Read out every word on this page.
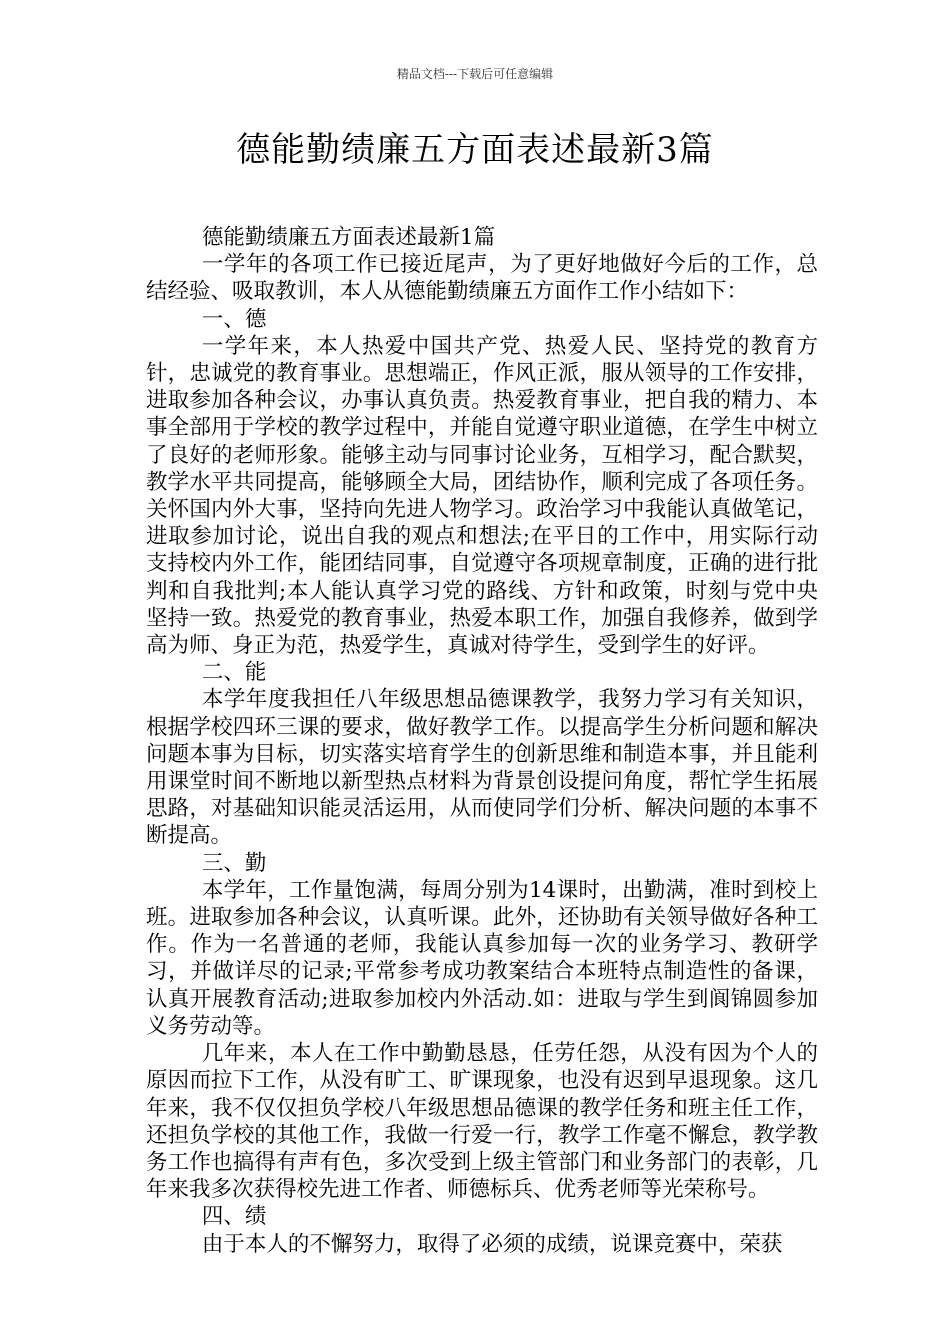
精品文档---下载后可任意编辑
德能勤绩廉五方面表述最新3篇

德能勤绩廉五方面表述最新1篇

一学年的各项工作已接近尾声，为了更好地做好今后的工作，总结经验、吸取教训，本人从德能勤绩廉五方面作工作小结如下：

一、德

一学年来，本人热爱中国共产党、热爱人民、坚持党的教育方针，忠诚党的教育事业。思想端正，作风正派，服从领导的工作安排，进取参加各种会议，办事认真负责。热爱教育事业，把自我的精力、本事全部用于学校的教学过程中，并能自觉遵守职业道德，在学生中树立了良好的老师形象。能够主动与同事讨论业务，互相学习，配合默契，教学水平共同提高，能够顾全大局，团结协作，顺利完成了各项任务。关怀国内外大事，坚持向先进人物学习。政治学习中我能认真做笔记，进取参加讨论，说出自我的观点和想法;在平日的工作中，用实际行动支持校内外工作，能团结同事，自觉遵守各项规章制度，正确的进行批判和自我批判;本人能认真学习党的路线、方针和政策，时刻与党中央坚持一致。热爱党的教育事业，热爱本职工作，加强自我修养，做到学高为师、身正为范，热爱学生，真诚对待学生，受到学生的好评。

二、能

本学年度我担任八年级思想品德课教学，我努力学习有关知识，根据学校四环三课的要求，做好教学工作。以提高学生分析问题和解决问题本事为目标，切实落实培育学生的创新思维和制造本事，并且能利用课堂时间不断地以新型热点材料为背景创设提问角度，帮忙学生拓展思路，对基础知识能灵活运用，从而使同学们分析、解决问题的本事不断提高。

三、勤

本学年，工作量饱满，每周分别为14课时，出勤满，准时到校上班。进取参加各种会议，认真听课。此外，还协助有关领导做好各种工作。作为一名普通的老师，我能认真参加每一次的业务学习、教研学习，并做详尽的记录;平常参考成功教案结合本班特点制造性的备课，认真开展教育活动;进取参加校内外活动.如：进取与学生到阆锦圆参加义务劳动等。

几年来，本人在工作中勤勤恳恳，任劳任怨，从没有因为个人的原因而拉下工作，从没有旷工、旷课现象，也没有迟到早退现象。这几年来，我不仅仅担负学校八年级思想品德课的教学任务和班主任工作，还担负学校的其他工作，我做一行爱一行，教学工作毫不懈怠，教学教务工作也搞得有声有色，多次受到上级主管部门和业务部门的表彰，几年来我多次获得校先进工作者、师德标兵、优秀老师等光荣称号。

四、绩

由于本人的不懈努力，取得了必须的成绩，说课竞赛中，荣获
